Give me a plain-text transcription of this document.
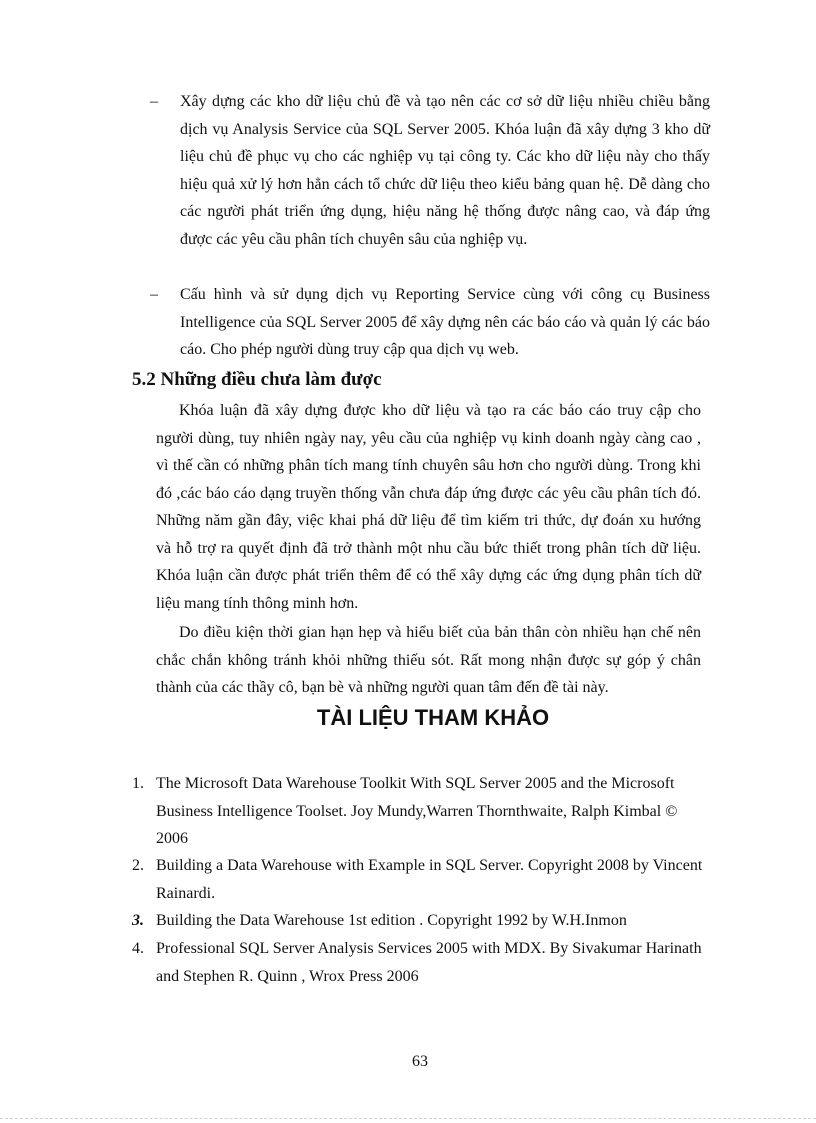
– Xây dựng các kho dữ liệu chủ đề và tạo nên các cơ sở dữ liệu nhiều chiều bằng dịch vụ Analysis Service của SQL Server 2005. Khóa luận đã xây dựng 3 kho dữ liệu chủ đề phục vụ cho các nghiệp vụ tại công ty. Các kho dữ liệu này cho thấy hiệu quả xử lý hơn hẳn cách tổ chức dữ liệu theo kiểu bảng quan hệ. Dễ dàng cho các người phát triển ứng dụng, hiệu năng hệ thống được nâng cao, và đáp ứng được các yêu cầu phân tích chuyên sâu của nghiệp vụ.
– Cấu hình và sử dụng dịch vụ Reporting Service cùng với công cụ Business Intelligence của SQL Server 2005 để xây dựng nên các báo cáo và quản lý các báo cáo. Cho phép người dùng truy cập qua dịch vụ web.
5.2 Những điều chưa làm được
Khóa luận đã xây dựng được kho dữ liệu và tạo ra các báo cáo truy cập cho người dùng, tuy nhiên ngày nay, yêu cầu của nghiệp vụ kinh doanh ngày càng cao , vì thế cần có những phân tích mang tính chuyên sâu hơn cho người dùng. Trong khi đó ,các báo cáo dạng truyền thống vẫn chưa đáp ứng được các yêu cầu phân tích đó. Những năm gần đây, việc khai phá dữ liệu để tìm kiếm tri thức, dự đoán xu hướng và hỗ trợ ra quyết định đã trở thành một nhu cầu bức thiết trong phân tích dữ liệu. Khóa luận cần được phát triển thêm để có thể xây dựng các ứng dụng phân tích dữ liệu mang tính thông minh hơn.
Do điều kiện thời gian hạn hẹp và hiểu biết của bản thân còn nhiều hạn chế nên chắc chắn không tránh khỏi những thiếu sót. Rất mong nhận được sự góp ý chân thành của các thầy cô, bạn bè và những người quan tâm đến đề tài này.
TÀI LIỆU THAM KHẢO
1. The Microsoft Data Warehouse Toolkit With SQL Server 2005 and the Microsoft Business Intelligence Toolset. Joy Mundy,Warren Thornthwaite, Ralph Kimbal © 2006
2. Building a Data Warehouse with Example in SQL Server. Copyright 2008 by Vincent Rainardi.
3. Building the Data Warehouse 1st edition . Copyright 1992 by W.H.Inmon
4. Professional SQL Server Analysis Services 2005 with MDX. By Sivakumar Harinath and Stephen R. Quinn , Wrox Press 2006
63
